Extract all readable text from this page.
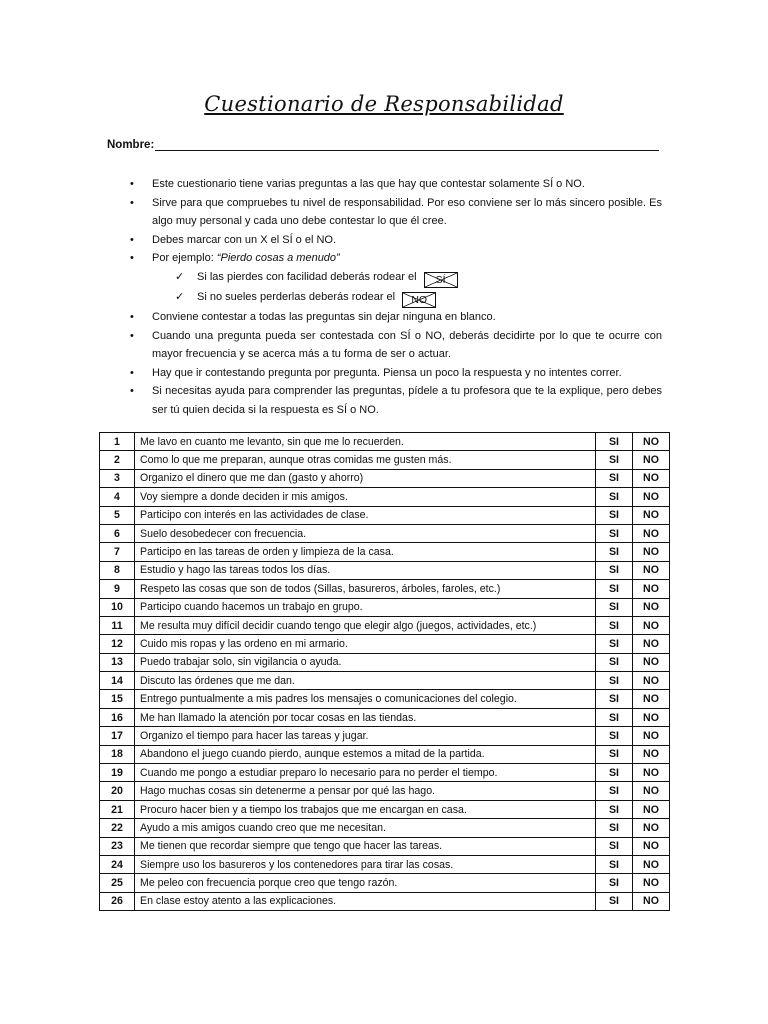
Cuestionario de Responsabilidad
Nombre:
• Este cuestionario tiene varias preguntas a las que hay que contestar solamente SÍ o NO.
• Sirve para que compruebes tu nivel de responsabilidad. Por eso conviene ser lo más sincero posible. Es algo muy personal y cada uno debe contestar lo que él cree.
• Debes marcar con un X el SÍ o el NO.
• Por ejemplo: “Pierdo cosas a menudo”
✓ Si las pierdes con facilidad deberás rodear el SÍ
✓ Si no sueles perderlas deberás rodear el NO
• Conviene contestar a todas las preguntas sin dejar ninguna en blanco.
• Cuando una pregunta pueda ser contestada con SÍ o NO, deberás decidirte por lo que te ocurre con mayor frecuencia y se acerca más a tu forma de ser o actuar.
• Hay que ir contestando pregunta por pregunta. Piensa un poco la respuesta y no intentes correr.
• Si necesitas ayuda para comprender las preguntas, pídele a tu profesora que te la explique, pero debes ser tú quien decida si la respuesta es SÍ o NO.
1	Me lavo en cuanto me levanto, sin que me lo recuerden.	SI	NO
2	Como lo que me preparan, aunque otras comidas me gusten más.	SI	NO
3	Organizo el dinero que me dan (gasto y ahorro)	SI	NO
4	Voy siempre a donde deciden ir mis amigos.	SI	NO
5	Participo con interés en las actividades de clase.	SI	NO
6	Suelo desobedecer con frecuencia.	SI	NO
7	Participo en las tareas de orden y limpieza de la casa.	SI	NO
8	Estudio y hago las tareas todos los días.	SI	NO
9	Respeto las cosas que son de todos (Sillas, basureros, árboles, faroles, etc.)	SI	NO
10	Participo cuando hacemos un trabajo en grupo.	SI	NO
11	Me resulta muy difícil decidir cuando tengo que elegir algo (juegos, actividades, etc.)	SI	NO
12	Cuido mis ropas y las ordeno en mi armario.	SI	NO
13	Puedo trabajar solo, sin vigilancia o ayuda.	SI	NO
14	Discuto las órdenes que me dan.	SI	NO
15	Entrego puntualmente a mis padres los mensajes o comunicaciones del colegio.	SI	NO
16	Me han llamado la atención por tocar cosas en las tiendas.	SI	NO
17	Organizo el tiempo para hacer las tareas y jugar.	SI	NO
18	Abandono el juego cuando pierdo, aunque estemos a mitad de la partida.	SI	NO
19	Cuando me pongo a estudiar preparo lo necesario para no perder el tiempo.	SI	NO
20	Hago muchas cosas sin detenerme a pensar por qué las hago.	SI	NO
21	Procuro hacer bien y a tiempo los trabajos que me encargan en casa.	SI	NO
22	Ayudo a mis amigos cuando creo que me necesitan.	SI	NO
23	Me tienen que recordar siempre que tengo que hacer las tareas.	SI	NO
24	Siempre uso los basureros y los contenedores para tirar las cosas.	SI	NO
25	Me peleo con frecuencia porque creo que tengo razón.	SI	NO
26	En clase estoy atento a las explicaciones.	SI	NO
